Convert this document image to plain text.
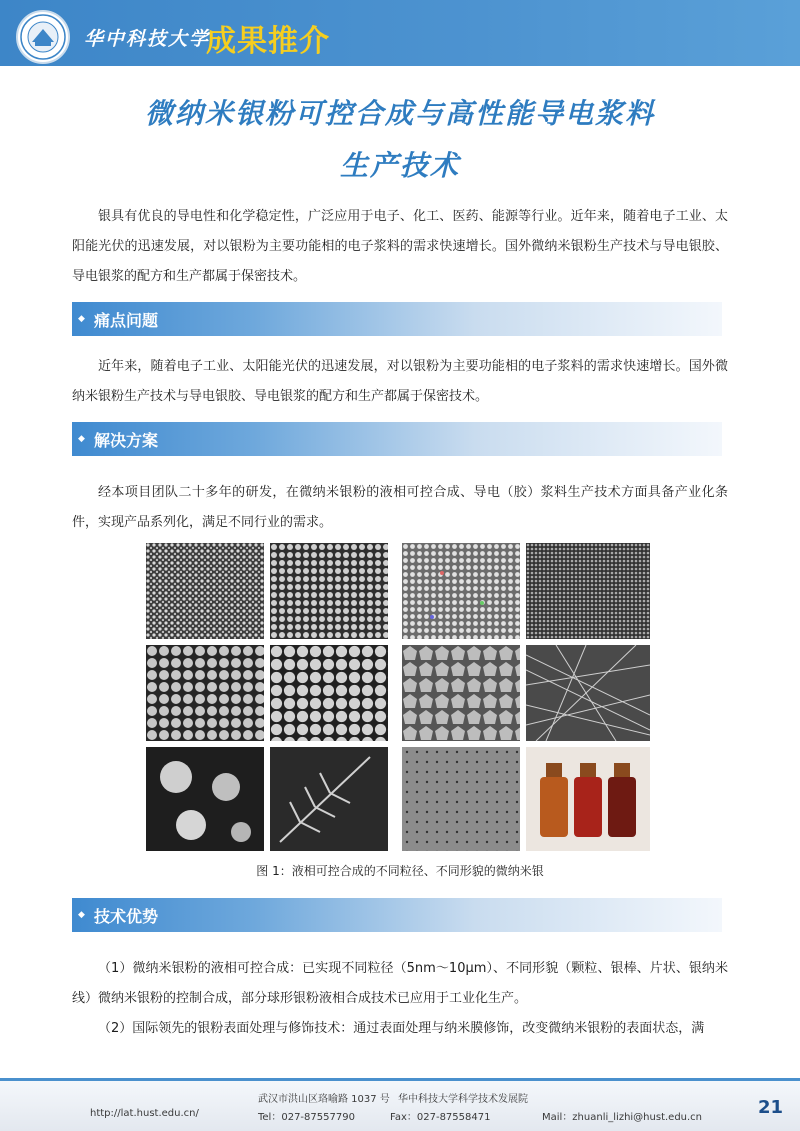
华中科技大学
成果推介
微纳米银粉可控合成与高性能导电浆料
生产技术
银具有优良的导电性和化学稳定性，广泛应用于电子、化工、医药、能源等行业。近年来，随着电子工业、太阳能光伏的迅速发展，对以银粉为主要功能相的电子浆料的需求快速增长。国外微纳米银粉生产技术与导电银胶、导电银浆的配方和生产都属于保密技术。
◆ 痛点问题
近年来，随着电子工业、太阳能光伏的迅速发展，对以银粉为主要功能相的电子浆料的需求快速增长。国外微纳米银粉生产技术与导电银胶、导电银浆的配方和生产都属于保密技术。
◆ 解决方案
经本项目团队二十多年的研发，在微纳米银粉的液相可控合成、导电（胶）浆料生产技术方面具备产业化条件，实现产品系列化，满足不同行业的需求。
图 1：液相可控合成的不同粒径、不同形貌的微纳米银
◆ 技术优势
（1）微纳米银粉的液相可控合成：已实现不同粒径（5nm～10μm）、不同形貌（颗粒、银棒、片状、银纳米线）微纳米银粉的控制合成，部分球形银粉液相合成技术已应用于工业化生产。
（2）国际领先的银粉表面处理与修饰技术：通过表面处理与纳米膜修饰，改变微纳米银粉的表面状态，满
武汉市洪山区珞喻路 1037 号 华中科技大学科学技术发展院
http://lat.hust.edu.cn/	Tel：027-87557790	Fax：027-87558471	Mail：zhuanli_lizhi@hust.edu.cn	21
